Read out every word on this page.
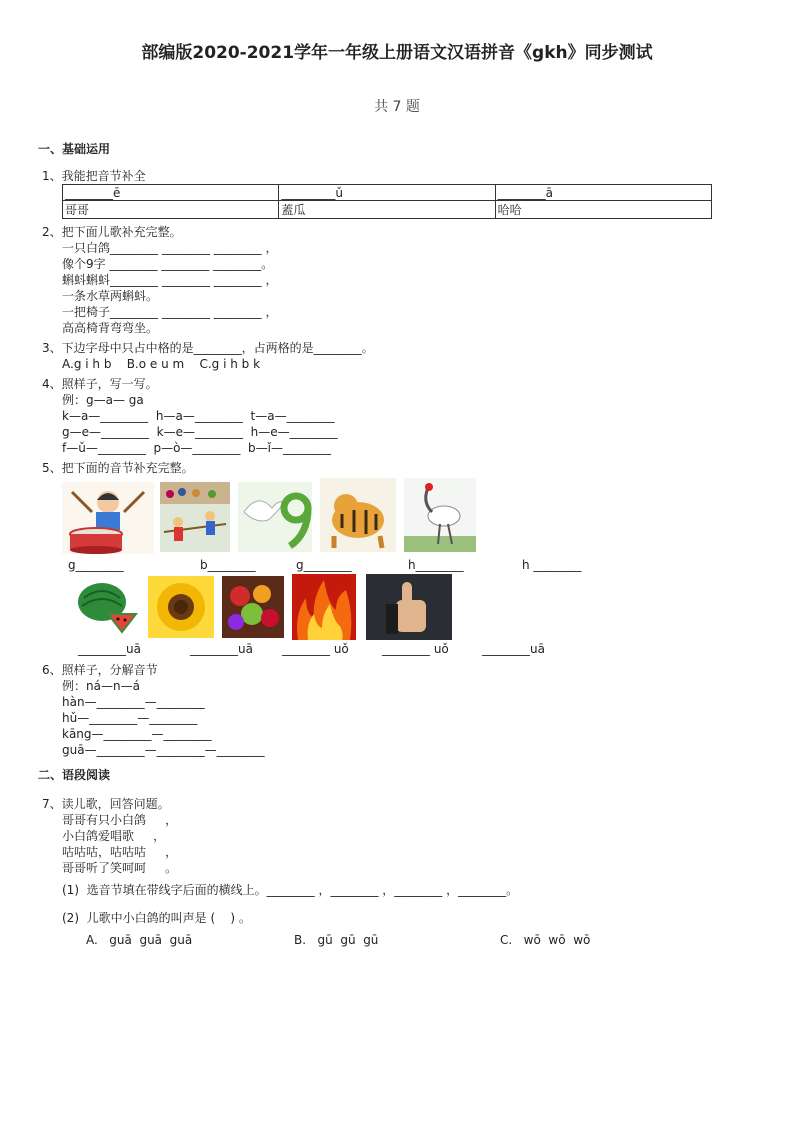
部编版2020-2021学年一年级上册语文汉语拼音《gkh》同步测试
共 7 题
一、基础运用
1、我能把音节补全
________ē	_________ǔ	________ā
哥哥	蓋瓜	哈哈
2、把下面儿歌补充完整。
一只白鸽________ ________ ________ ，
像个9字 ________ ________ ________。
蝌蚪蝌蚪________ ________ ________ ，
一条水草两蝌蚪。
一把椅子________ ________ ________ ，
高高椅背弯弯坐。
3、下边字母中只占中格的是________，占两格的是________。
A.g i h b    B.o e u m    C.g i h b k
4、照样子，写一写。
例：g—a— ga
k—a—________  h—a—________  t—a—________
g—e—________  k—e—________  h—e—________
f—ǔ—________  p—ò—________  b—ǐ—________
5、把下面的音节补充完整。
g________	b________	g________	h________	h ________
________uā	________uā ________ uǒ	________ uǒ	________uā
6、照样子，分解音节
例：ná—n—á
hàn—________—________
hǔ—________—________
kāng—________—________
guā—________—________—________
二、语段阅读
7、读儿歌，回答问题。
哥哥有只小白鸽     ，
小白鸽爱唱歌     ，
咕咕咕，咕咕咕     ，
哥哥听了笑呵呵     。
(1)  选音节填在带线字后面的横线上。________ ，________ ，________ ，________。
(2)  儿歌中小白鸽的叫声是 (    ) 。
A.   guā  guā  guā	B.   gū  gū  gū	C.   wō  wō  wō
